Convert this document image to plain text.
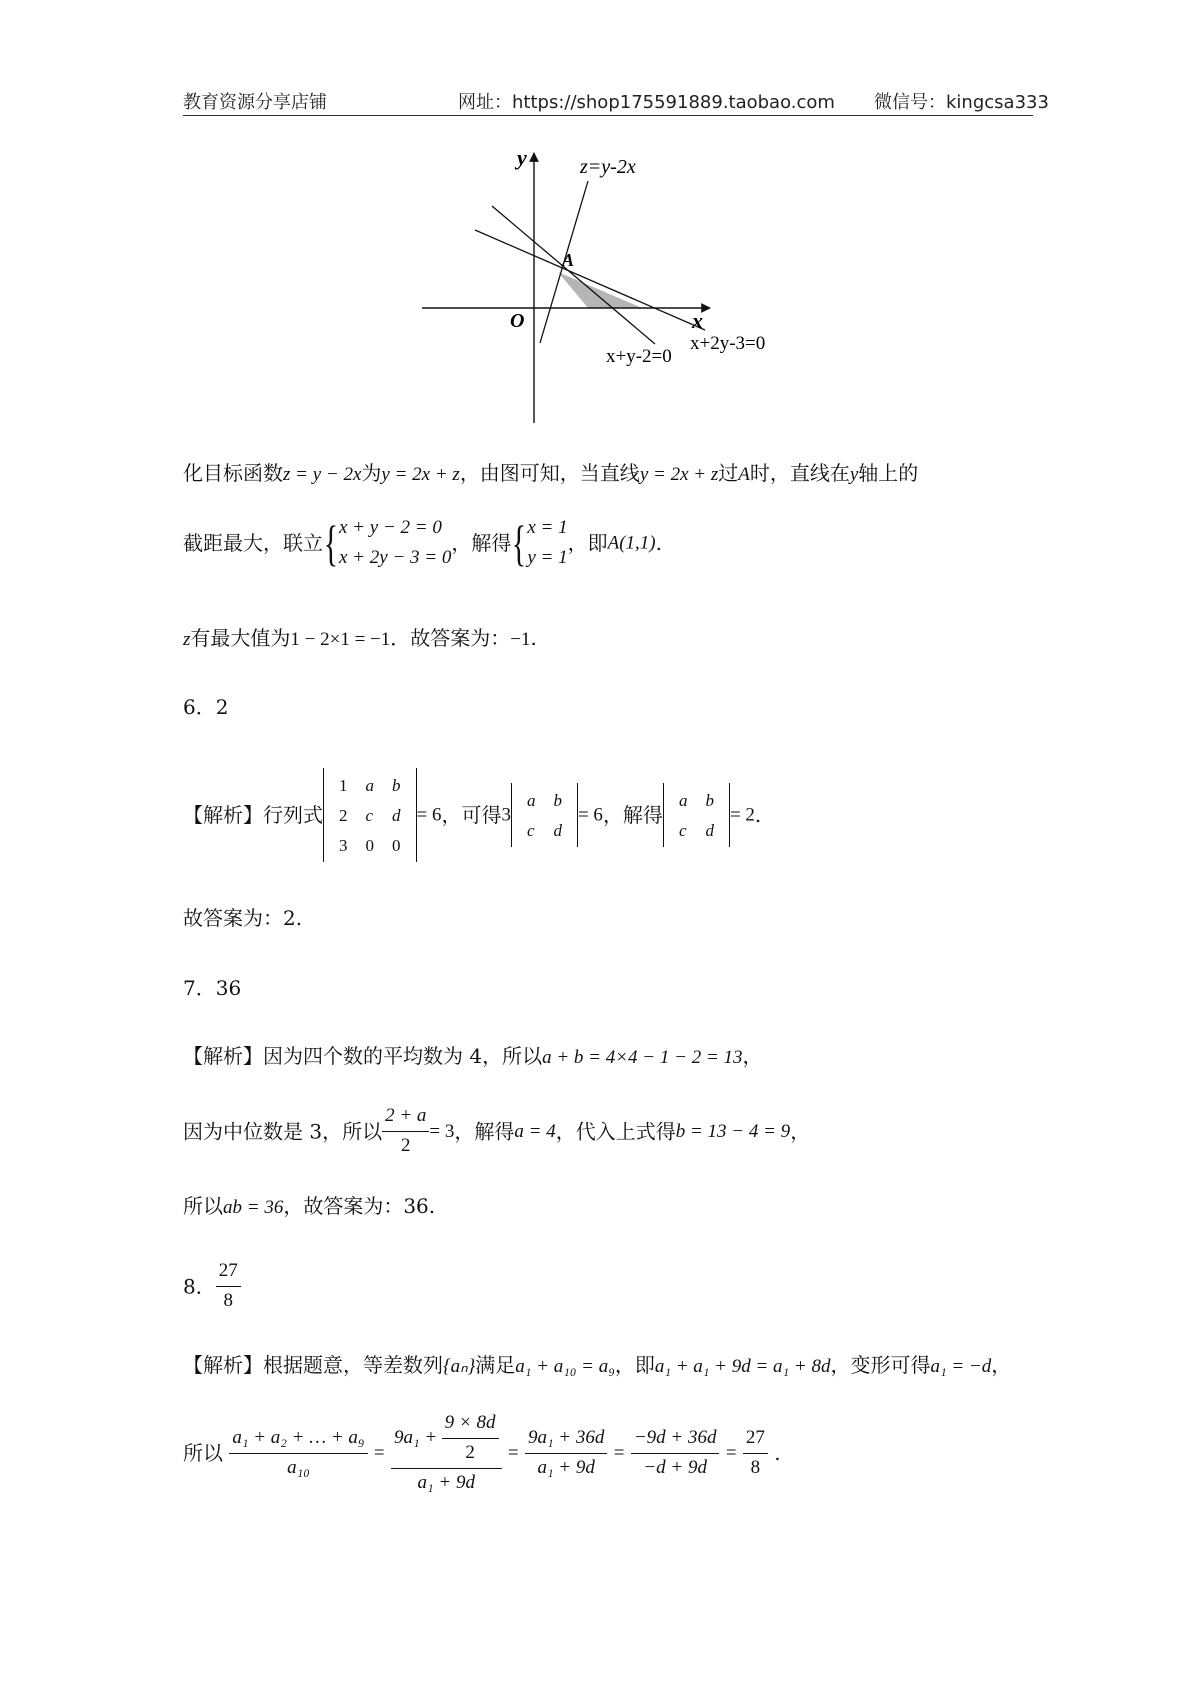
教育资源分享店铺	网址：https://shop175591889.taobao.com 微信号：kingcsa333
y
x
O
A
z=y-2x
x+y-2=0
x+2y-3=0
化目标函数z = y − 2x为y = 2x + z，由图可知，当直线y = 2x + z过A时，直线在y轴上的
截距最大，联立{x + y − 2 = 0
x + 2y − 3 = 0，解得{x = 1
y = 1，即A(1,1).
z有最大值为1 − 2×1 = −1．故答案为：−1.
6．2
【解析】行列式
1	a	b
2	c	d
3	0	0
= 6，可得3
a	b
c	d
= 6，解得
a	b
c	d
= 2.
故答案为：2.
7．36
【解析】因为四个数的平均数为 4，所以a + b = 4×4 − 1 − 2 = 13，
因为中位数是 3，所以 $\frac{2 + a}{2} = 3$，解得a = 4，代入上式得b = 13 − 4 = 9，
所以ab = 36，故答案为：36.
8． $\frac{27}{8}$
【解析】根据题意，等差数列{aₙ}满足a₁ + a₁₀ = a₉，即a₁ + a₁ + 9d = a₁ + 8d，变形可得a₁ = −d，
所以 $\frac{\text{a₁ + a₂ + … + a₉}}{\text{a₁₀}} = \frac{9a_1 + \frac{9 \times 8d}{2}}{\text{a₁ + 9d}} = \frac{\text{9a₁ + 36d}}{\text{a₁ + 9d}} = \frac{-9d + 36d}{-d + 9d} = \frac{27}{8}$ .
